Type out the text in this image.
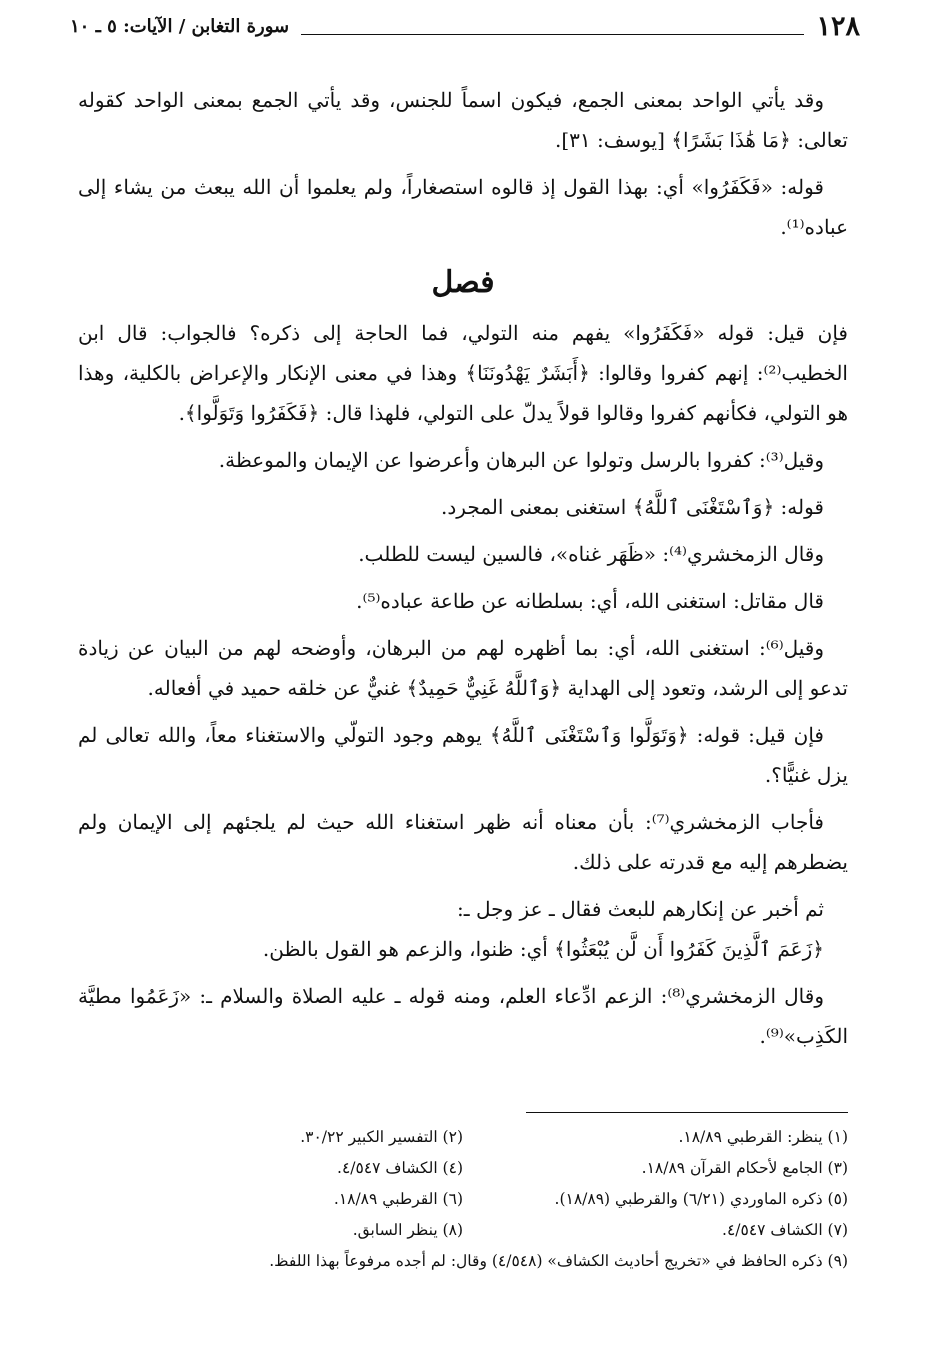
١٢٨
سورة التغابن / الآيات: ٥ ـ ١٠

وقد يأتي الواحد بمعنى الجمع، فيكون اسماً للجنس، وقد يأتي الجمع بمعنى الواحد كقوله تعالى: ﴿مَا هَٰذَا بَشَرًا﴾ [يوسف: ٣١].

قوله: «فَكَفَرُوا» أي: بهذا القول إذ قالوه استصغاراً، ولم يعلموا أن الله يبعث من يشاء إلى عباده⁽¹⁾.

فصل

فإن قيل: قوله «فَكَفَرُوا» يفهم منه التولي، فما الحاجة إلى ذكره؟ فالجواب: قال ابن الخطيب⁽²⁾: إنهم كفروا وقالوا: ﴿أَبَشَرٌ يَهْدُونَنَا﴾ وهذا في معنى الإنكار والإعراض بالكلية، وهذا هو التولي، فكأنهم كفروا وقالوا قولاً يدلّ على التولي، فلهذا قال: ﴿فَكَفَرُوا وَتَوَلَّوا﴾.

وقيل⁽³⁾: كفروا بالرسل وتولوا عن البرهان وأعرضوا عن الإيمان والموعظة.

قوله: ﴿وَٱسْتَغْنَى ٱللَّهُ﴾ استغنى بمعنى المجرد.

وقال الزمخشري⁽⁴⁾: «ظَهَر غناه»، فالسين ليست للطلب.

قال مقاتل: استغنى الله، أي: بسلطانه عن طاعة عباده⁽⁵⁾.

وقيل⁽⁶⁾: استغنى الله، أي: بما أظهره لهم من البرهان، وأوضحه لهم من البيان عن زيادة تدعو إلى الرشد، وتعود إلى الهداية ﴿وَٱللَّهُ غَنِيٌّ حَمِيدٌ﴾ غنيٌّ عن خلقه حميد في أفعاله.

فإن قيل: قوله: ﴿وَتَوَلَّوا وَٱسْتَغْنَى ٱللَّهُ﴾ يوهم وجود التولّي والاستغناء معاً، والله تعالى لم يزل غنيًّا؟.

فأجاب الزمخشري⁽⁷⁾: بأن معناه أنه ظهر استغناء الله حيث لم يلجئهم إلى الإيمان ولم يضطرهم إليه مع قدرته على ذلك.

ثم أخبر عن إنكارهم للبعث فقال ـ عز وجل ـ:

﴿زَعَمَ ٱلَّذِينَ كَفَرُوا أَن لَّن يُبْعَثُوا﴾ أي: ظنوا، والزعم هو القول بالظن.

وقال الزمخشري⁽⁸⁾: الزعم ادِّعاء العلم، ومنه قوله ـ عليه الصلاة والسلام ـ: «زَعَمُوا مطيَّة الكَذِب»⁽⁹⁾.

(١) ينظر: القرطبي ١٨/٨٩.
(٢) التفسير الكبير ٣٠/٢٢.
(٣) الجامع لأحكام القرآن ١٨/٨٩.
(٤) الكشاف ٤/٥٤٧.
(٥) ذكره الماوردي (٦/٢١) والقرطبي (١٨/٨٩).
(٦) القرطبي ١٨/٨٩.
(٧) الكشاف ٤/٥٤٧.
(٨) ينظر السابق.
(٩) ذكره الحافظ في «تخريج أحاديث الكشاف» (٤/٥٤٨) وقال: لم أجده مرفوعاً بهذا اللفظ.
